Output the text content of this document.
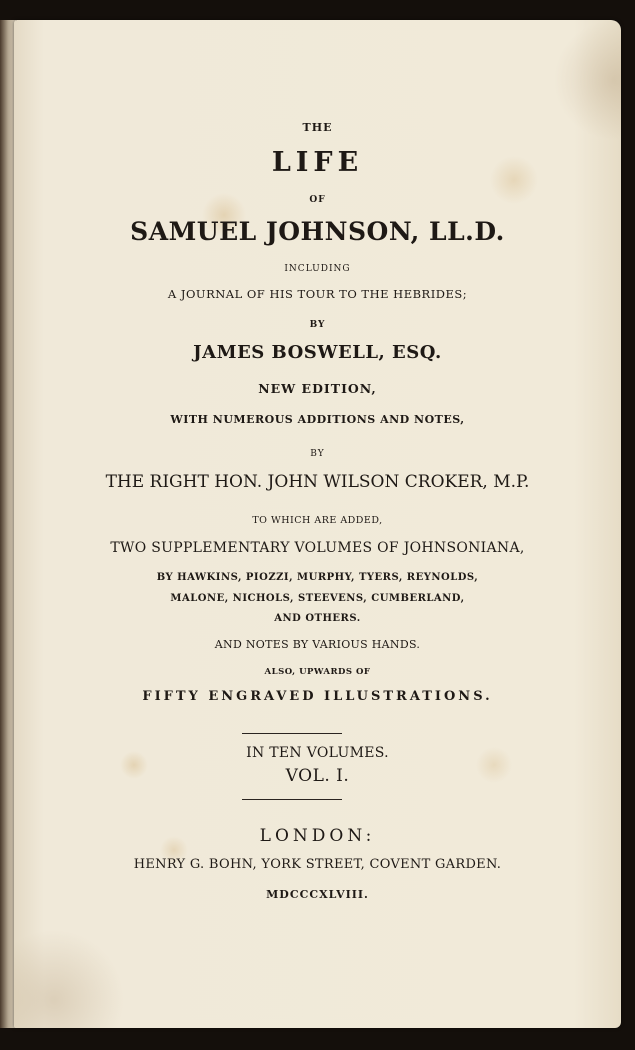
THE
LIFE
OF
SAMUEL JOHNSON, LL.D.
INCLUDING
A JOURNAL OF HIS TOUR TO THE HEBRIDES;
BY
JAMES BOSWELL, ESQ.
NEW EDITION,
WITH NUMEROUS ADDITIONS AND NOTES,
BY
THE RIGHT HON. JOHN WILSON CROKER, M.P.
TO WHICH ARE ADDED,
TWO SUPPLEMENTARY VOLUMES OF JOHNSONIANA,
BY HAWKINS, PIOZZI, MURPHY, TYERS, REYNOLDS,
MALONE, NICHOLS, STEEVENS, CUMBERLAND,
AND OTHERS.
AND NOTES BY VARIOUS HANDS.
ALSO, UPWARDS OF
FIFTY ENGRAVED ILLUSTRATIONS.
IN TEN VOLUMES.
VOL. I.
LONDON:
HENRY G. BOHN, YORK STREET, COVENT GARDEN.
MDCCCXLVIII.
